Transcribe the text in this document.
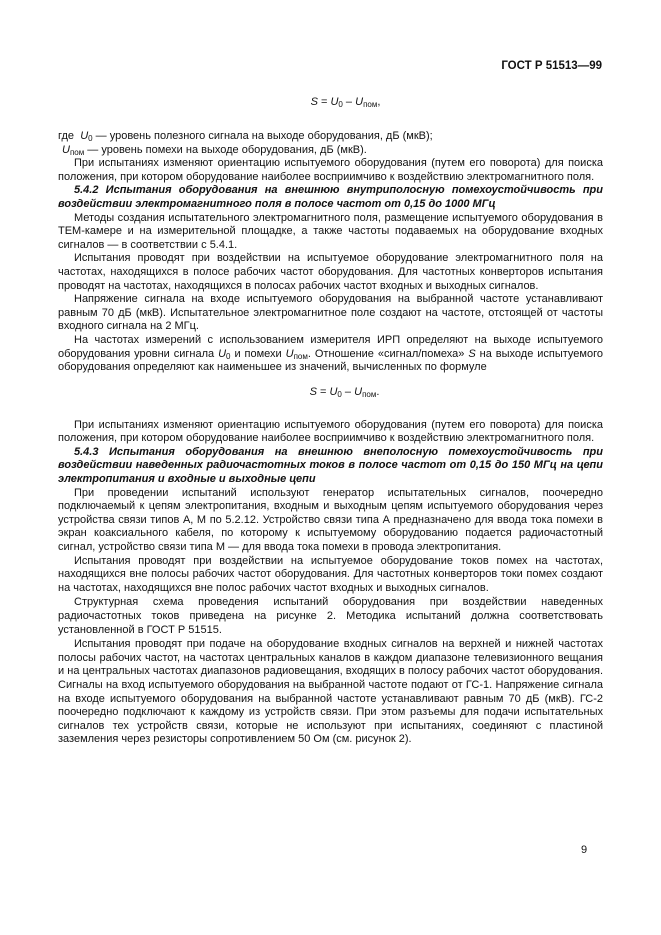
ГОСТ Р 51513—99
$S = U_0 - U_{пом}$,

где $U_0$ — уровень полезного сигнала на выходе оборудования, дБ (мкВ);

$U_{пом}$ — уровень помехи на выходе оборудования, дБ (мкВ).

При испытаниях изменяют ориентацию испытуемого оборудования (путем его поворота) для поиска положения, при котором оборудование наиболее восприимчиво к воздействию электромагнитного поля.

5.4.2 Испытания оборудования на внешнюю внутриполосную помехоустойчивость при воздействии электромагнитного поля в полосе частот от 0,15 до 1000 МГц

Методы создания испытательного электромагнитного поля, размещение испытуемого оборудования в ТЕМ-камере и на измерительной площадке, а также частоты подаваемых на оборудование входных сигналов — в соответствии с 5.4.1.

Испытания проводят при воздействии на испытуемое оборудование электромагнитного поля на частотах, находящихся в полосе рабочих частот оборудования. Для частотных конверторов испытания проводят на частотах, находящихся в полосах рабочих частот входных и выходных сигналов.

Напряжение сигнала на входе испытуемого оборудования на выбранной частоте устанавливают равным 70 дБ (мкВ). Испытательное электромагнитное поле создают на частоте, отстоящей от частоты входного сигнала на 2 МГц.

На частотах измерений с использованием измерителя ИРП определяют на выходе испытуемого оборудования уровни сигнала $U_0$ и помехи $U_{пом}$. Отношение «сигнал/помеха» S на выходе испытуемого оборудования определяют как наименьшее из значений, вычисленных по формуле

$S = U_0 - U_{пом}$.

При испытаниях изменяют ориентацию испытуемого оборудования (путем его поворота) для поиска положения, при котором оборудование наиболее восприимчиво к воздействию электромагнитного поля.

5.4.3 Испытания оборудования на внешнюю внеполосную помехоустойчивость при воздействии наведенных радиочастотных токов в полосе частот от 0,15 до 150 МГц на цепи электропитания и входные и выходные цепи

При проведении испытаний используют генератор испытательных сигналов, поочередно подключаемый к цепям электропитания, входным и выходным цепям испытуемого оборудования через устройства связи типов А, М по 5.2.12. Устройство связи типа А предназначено для ввода тока помехи в экран коаксиального кабеля, по которому к испытуемому оборудованию подается радиочастотный сигнал, устройство связи типа М — для ввода тока помехи в провода электропитания.

Испытания проводят при воздействии на испытуемое оборудование токов помех на частотах, находящихся вне полосы рабочих частот оборудования. Для частотных конверторов токи помех создают на частотах, находящихся вне полос рабочих частот входных и выходных сигналов.

Структурная схема проведения испытаний оборудования при воздействии наведенных радиочастотных токов приведена на рисунке 2. Методика испытаний должна соответствовать установленной в ГОСТ Р 51515.

Испытания проводят при подаче на оборудование входных сигналов на верхней и нижней частотах полосы рабочих частот, на частотах центральных каналов в каждом диапазоне телевизионного вещания и на центральных частотах диапазонов радиовещания, входящих в полосу рабочих частот оборудования. Сигналы на вход испытуемого оборудования на выбранной частоте подают от ГС-1. Напряжение сигнала на входе испытуемого оборудования на выбранной частоте устанавливают равным 70 дБ (мкВ). ГС-2 поочередно подключают к каждому из устройств связи. При этом разъемы для подачи испытательных сигналов тех устройств связи, которые не используют при испытаниях, соединяют с пластиной заземления через резисторы сопротивлением 50 Ом (см. рисунок 2).

9
